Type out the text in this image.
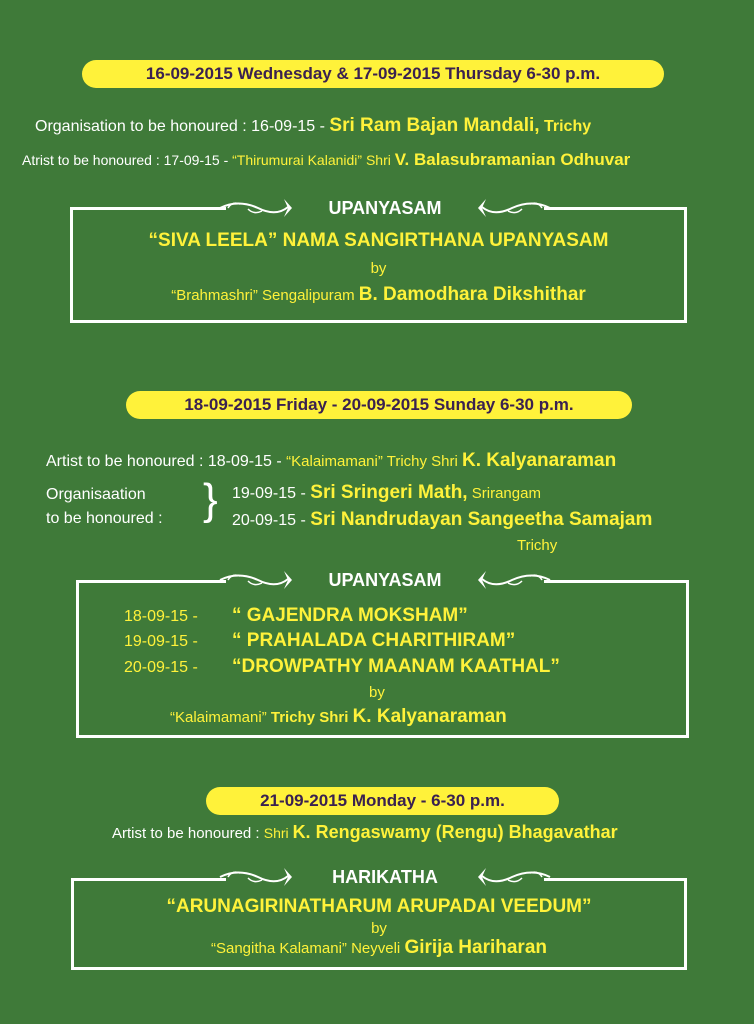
16-09-2015 Wednesday & 17-09-2015 Thursday 6-30 p.m.
Organisation to be honoured : 16-09-15 - Sri Ram Bajan Mandali, Trichy
Atrist to be honoured : 17-09-15 - “Thirumurai Kalanidi” Shri V. Balasubramanian Odhuvar
UPANYASAM
“SIVA LEELA” NAMA SANGIRTHANA UPANYASAM
by
“Brahmashri” Sengalipuram B. Damodhara Dikshithar
18-09-2015 Friday - 20-09-2015 Sunday 6-30 p.m.
Artist to be honoured : 18-09-15 - “Kalaimamani” Trichy Shri K. Kalyanaraman
Organisaation
to be honoured : } 19-09-15 - Sri Sringeri Math, Srirangam
20-09-15 - Sri Nandrudayan Sangeetha Samajam
Trichy
UPANYASAM
18-09-15 - “ GAJENDRA MOKSHAM”
19-09-15 - “ PRAHALADA CHARITHIRAM”
20-09-15 - “DROWPATHY MAANAM KAATHAL”
by
“Kalaimamani” Trichy Shri K. Kalyanaraman
21-09-2015 Monday - 6-30 p.m.
Artist to be honoured : Shri K. Rengaswamy (Rengu) Bhagavathar
HARIKATHA
“ARUNAGIRINATHARUM ARUPADAI VEEDUM”
by
“Sangitha Kalamani” Neyveli Girija Hariharan
